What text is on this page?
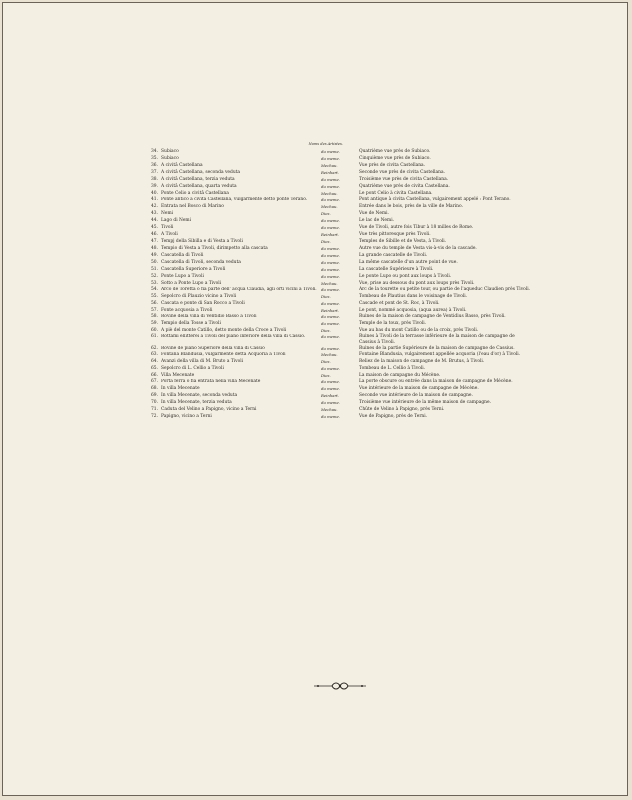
Noms des Artistes.
34. Subiaco	du meme.	Quatrième vue près de Subiaco.
35. Subiaco	du meme.	Cinquième vue près de Subiaco.
36. A civitâ Castellana	Mechau.	Vue près de civita Castellana.
37. A civitâ Castellana, seconda veduta	Reinhart.	Seconde vue près de civita Castellana.
38. A civitâ Castellana, terzia veduta	du meme.	Troisième vue près de civita Castellana.
39. A civitâ Castellana, quarta veduta	du meme.	Quatrième vue près de civita Castellana.
40. Ponte Celio a civitâ Castellana	Mechau.	Le pont Celio à civita Castellana.
41. Ponte antico a civitâ Castellana, vulgarmente detto ponte Terano.	du meme.	Pont antique à civita Castellana, vulgairement appelé : Pont Terano.
42. Entrata nel Bosco di Marino	Mechau.	Entrée dans le bois, près de la ville de Marino.
43. Nemi	Dies.	Vue de Nemi.
44. Lago di Nemi	du meme.	Le lac de Nemi.
45. Tivoli	du meme.	Vue de Tivoli, autre fois Tibur à 18 milles de Rome.
46. A Tivoli	Reinhart.	Vue très pittoresque près Tivoli.
47. Tempj della Sibilla e di Vesta a Tivoli	Dies.	Temples de Sibille et de Vesta, à Tivoli.
48. Tempio di Vesta a Tivoli, dirimpetto alla cascata	du meme.	Autre vue du temple de Vesta vis-à-vis de la cascade.
49. Cascatella di Tivoli	du meme.	La grande cascatelle de Tivoli.
50. Cascatella di Tivoli, seconda veduta	du meme.	La même cascatelle d'un autre point de vue.
51. Cascatella Superiore a Tivoli	du meme.	La cascatelle Supérieure à Tivoli.
52. Ponte Lupo a Tivoli	du meme.	Le ponte Lupo ou pont aux loups à Tivoli.
53. Sotto a Ponte Lupo a Tivoli	Mechau.	Vue, prise au dessous du pont aux loups près Tivoli.
54. Arco de Toretta o fia parte dell' acqua Claudia, agli orti vicini a Tivoli.	du meme.	Arc de la tourette ou petite tour, ou partie de l'aqueduc Claudien près Tivoli.
55. Sepolcro di Plauzio vicino a Tivoli	Dies.	Tombeau de Plautius dans le voisinage de Tivoli.
56. Cascata e ponte di San Rocco a Tivoli	du meme.	Cascade et pont de St. Roc, à Tivoli.
57. Fonte acquosia a Tivoli	Reinhart.	Le pont, nommé acquosia, (aqua aurea) à Tivoli.
58. Rovine della villa di Ventidio Basso a Tivoli	du meme.	Ruines de la maison de campagne de Ventidius Basso, près Tivoli.
59. Tempio della Tosse a Tivoli	du meme.	Temple de la toux, près Tivoli.
60. A piè del monte Catillo, detto monte della Croce a Tivoli	Dies.	Vue au bas du mont Catillo ou de la croix, près Tivoli.
61. Rottami ellitterei a Tivoli del piano inferiore della villa di Cassio.	du meme.	Ruines à Tivoli de la terrasse inférieure de la maison de campagne de Cassius à Tivoli.
62. Rovine de piano Superiore della villa di Cassio	du meme.	Ruines de la partie Supérieure de la maison de campagne de Cassius.
63. Fontana Blandusia, vulgarmente detta Acquoria a Tivoli	Mechau.	Fontaine Blandusia, vulgairement appellée acquoria (l'eau d'or) à Tivoli.
64. Avanzi della villa di M. Bruto a Tivoli	Dies.	Reliez de la maison de campagne de M. Brutus, à Tivoli.
65. Sepolcro di L. Cellio a Tivoli	du meme.	Tombeau de L. Cellio à Tivoli.
66. Villa Mecenate	Dies.	La maison de campagne du Mécène.
67. Porta ferra o fia entrata nella villa Mecenate	du meme.	La porte obscure ou entrée dans la maison de campagne de Mécène.
68. In villa Mecenate	du meme.	Vue intérieure de la maison de campagne de Mécène.
69. In villa Mecenate, seconda veduta	Reinhart.	Seconde vue intérieure de la maison de campagne.
70. In villa Mecenate, terzia veduta	du meme.	Troisième vue intérieure de la même maison de campagne.
71. Caduta del Velino a Papigno, vicino a Terni	Mechau.	Chûte de Velino à Papigno, près Terni.
72. Papigno, vicino a Terni	du meme.	Vue de Papigno, près de Terni.
